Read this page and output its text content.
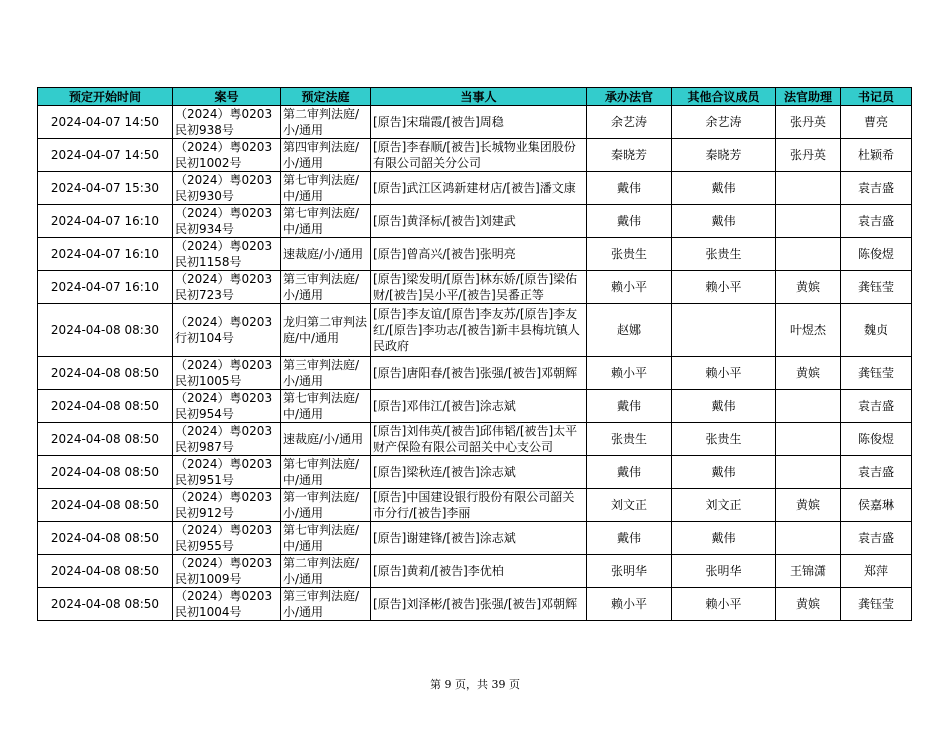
预定开始时间	案号	预定法庭	当事人	承办法官	其他合议成员	法官助理	书记员
2024-04-07 14:50	（2024）粤0203民初938号	第二审判法庭/小/通用	[原告]宋瑞霞/[被告]周稳	余艺涛	余艺涛	张丹英	曹亮
2024-04-07 14:50	（2024）粤0203民初1002号	第四审判法庭/小/通用	[原告]李春顺/[被告]长城物业集团股份有限公司韶关分公司	秦晓芳	秦晓芳	张丹英	杜颖希
2024-04-07 15:30	（2024）粤0203民初930号	第七审判法庭/中/通用	[原告]武江区鸿新建材店/[被告]潘文康	戴伟	戴伟		袁吉盛
2024-04-07 16:10	（2024）粤0203民初934号	第七审判法庭/中/通用	[原告]黄泽标/[被告]刘建武	戴伟	戴伟		袁吉盛
2024-04-07 16:10	（2024）粤0203民初1158号	速裁庭/小/通用	[原告]曾高兴/[被告]张明亮	张贵生	张贵生		陈俊煜
2024-04-07 16:10	（2024）粤0203民初723号	第三审判法庭/小/通用	[原告]梁发明/[原告]林东娇/[原告]梁佑财/[被告]吴小平/[被告]吴番正等	赖小平	赖小平	黄嫔	龚钰莹
2024-04-08 08:30	（2024）粤0203行初104号	龙归第二审判法庭/中/通用	[原告]李友谊/[原告]李友苏/[原告]李友红/[原告]李功志/[被告]新丰县梅坑镇人民政府	赵娜		叶煜杰	魏贞
2024-04-08 08:50	（2024）粤0203民初1005号	第三审判法庭/小/通用	[原告]唐阳春/[被告]张强/[被告]邓朝辉	赖小平	赖小平	黄嫔	龚钰莹
2024-04-08 08:50	（2024）粤0203民初954号	第七审判法庭/中/通用	[原告]邓伟江/[被告]涂志斌	戴伟	戴伟		袁吉盛
2024-04-08 08:50	（2024）粤0203民初987号	速裁庭/小/通用	[原告]刘伟英/[被告]邱伟韬/[被告]太平财产保险有限公司韶关中心支公司	张贵生	张贵生		陈俊煜
2024-04-08 08:50	（2024）粤0203民初951号	第七审判法庭/中/通用	[原告]梁秋连/[被告]涂志斌	戴伟	戴伟		袁吉盛
2024-04-08 08:50	（2024）粤0203民初912号	第一审判法庭/小/通用	[原告]中国建设银行股份有限公司韶关市分行/[被告]李丽	刘文正	刘文正	黄嫔	侯嘉琳
2024-04-08 08:50	（2024）粤0203民初955号	第七审判法庭/中/通用	[原告]谢建锋/[被告]涂志斌	戴伟	戴伟		袁吉盛
2024-04-08 08:50	（2024）粤0203民初1009号	第二审判法庭/小/通用	[原告]黄莉/[被告]李优柏	张明华	张明华	王锦潇	郑萍
2024-04-08 08:50	（2024）粤0203民初1004号	第三审判法庭/小/通用	[原告]刘泽彬/[被告]张强/[被告]邓朝辉	赖小平	赖小平	黄嫔	龚钰莹
第 9 页，共 39 页
